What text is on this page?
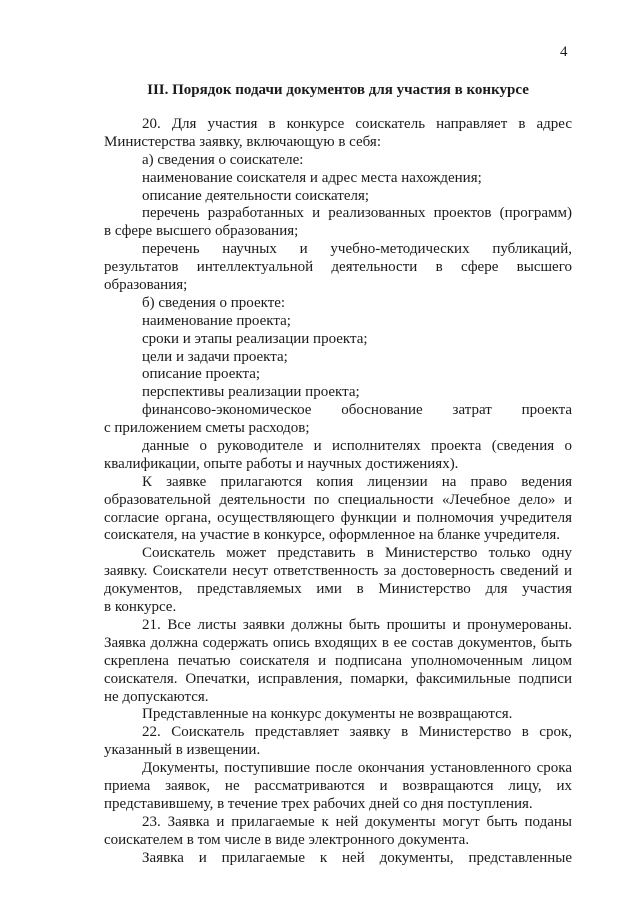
4
III. Порядок подачи документов для участия в конкурсе
20. Для участия в конкурсе соискатель направляет в адрес
Министерства заявку, включающую в себя:
а) сведения о соискателе:
наименование соискателя и адрес места нахождения;
описание деятельности соискателя;
перечень разработанных и реализованных проектов (программ)
в сфере высшего образования;
перечень научных и учебно-методических публикаций,
результатов интеллектуальной деятельности в сфере высшего
образования;
б) сведения о проекте:
наименование проекта;
сроки и этапы реализации проекта;
цели и задачи проекта;
описание проекта;
перспективы реализации проекта;
финансово-экономическое обоснование затрат проекта
с приложением сметы расходов;
данные о руководителе и исполнителях проекта (сведения о
квалификации, опыте работы и научных достижениях).
К заявке прилагаются копия лицензии на право ведения
образовательной деятельности по специальности «Лечебное дело» и
согласие органа, осуществляющего функции и полномочия учредителя
соискателя, на участие в конкурсе, оформленное на бланке учредителя.
Соискатель может представить в Министерство только одну
заявку. Соискатели несут ответственность за достоверность сведений и
документов, представляемых ими в Министерство для участия
в конкурсе.
21. Все листы заявки должны быть прошиты и пронумерованы.
Заявка должна содержать опись входящих в ее состав документов, быть
скреплена печатью соискателя и подписана уполномоченным лицом
соискателя. Опечатки, исправления, помарки, факсимильные подписи
не допускаются.
Представленные на конкурс документы не возвращаются.
22. Соискатель представляет заявку в Министерство в срок,
указанный в извещении.
Документы, поступившие после окончания установленного срока
приема заявок, не рассматриваются и возвращаются лицу, их
представившему, в течение трех рабочих дней со дня поступления.
23. Заявка и прилагаемые к ней документы могут быть поданы
соискателем в том числе в виде электронного документа.
Заявка и прилагаемые к ней документы, представленные
